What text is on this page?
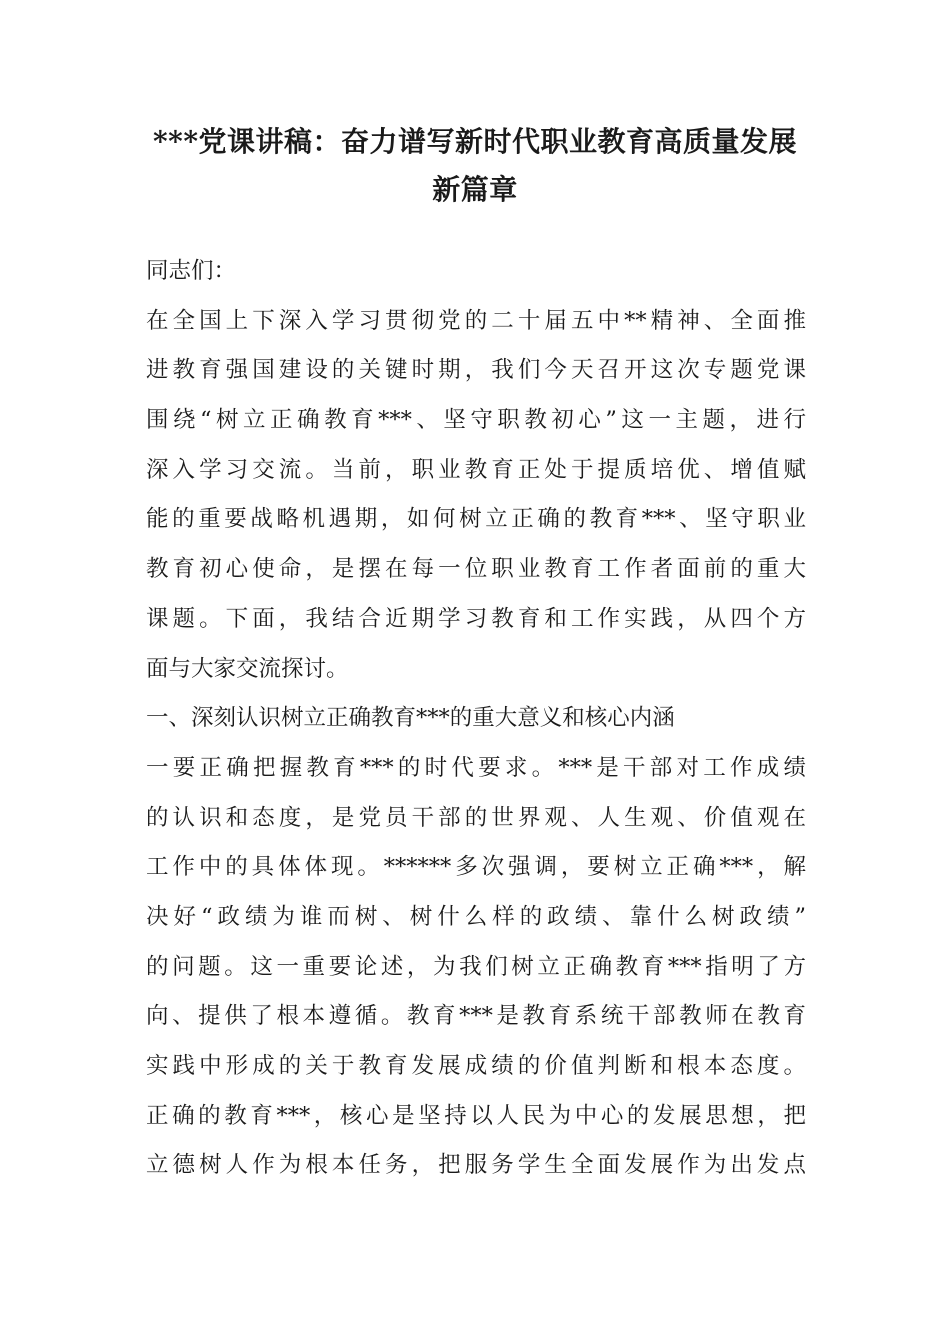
***党课讲稿：奋力谱写新时代职业教育高质量发展
新篇章
同志们：
在全国上下深入学习贯彻党的二十届五中**精神、全面推
进教育强国建设的关键时期，我们今天召开这次专题党课
围绕“树立正确教育***、坚守职教初心”这一主题，进行
深入学习交流。当前，职业教育正处于提质培优、增值赋
能的重要战略机遇期，如何树立正确的教育***、坚守职业
教育初心使命，是摆在每一位职业教育工作者面前的重大
课题。下面，我结合近期学习教育和工作实践，从四个方
面与大家交流探讨。
一、深刻认识树立正确教育***的重大意义和核心内涵
一要正确把握教育***的时代要求。***是干部对工作成绩
的认识和态度，是党员干部的世界观、人生观、价值观在
工作中的具体体现。******多次强调，要树立正确***，解
决好“政绩为谁而树、树什么样的政绩、靠什么树政绩”
的问题。这一重要论述，为我们树立正确教育***指明了方
向、提供了根本遵循。教育***是教育系统干部教师在教育
实践中形成的关于教育发展成绩的价值判断和根本态度。
正确的教育***，核心是坚持以人民为中心的发展思想，把
立德树人作为根本任务，把服务学生全面发展作为出发点
